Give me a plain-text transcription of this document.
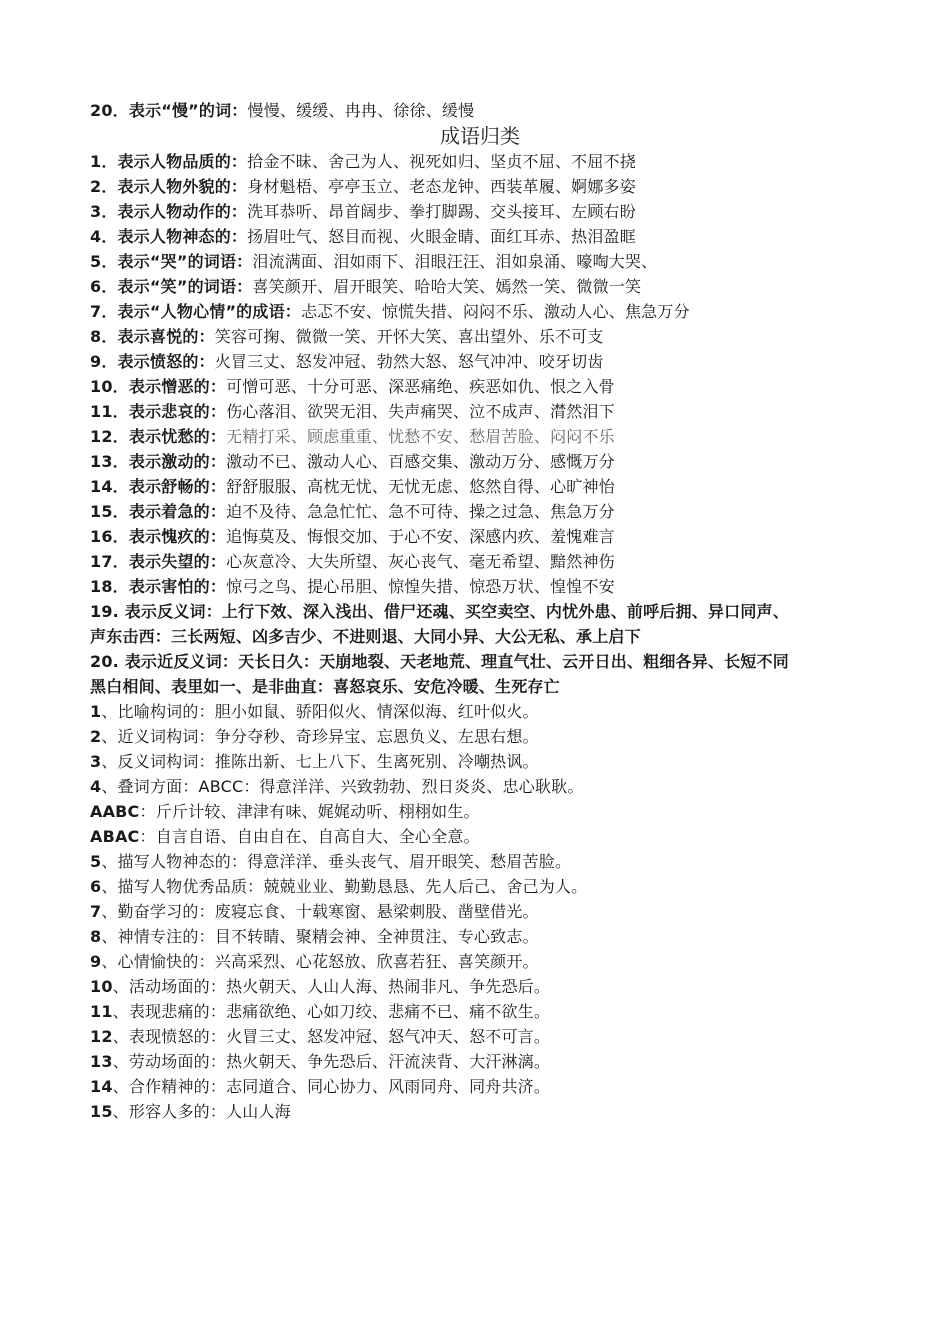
20．表示“慢”的词：慢慢、缓缓、冉冉、徐徐、缓慢
成语归类
1．表示人物品质的：拾金不昧、舍己为人、视死如归、坚贞不屈、不屈不挠
2．表示人物外貌的：身材魁梧、亭亭玉立、老态龙钟、西装革履、婀娜多姿
3．表示人物动作的：洗耳恭听、昂首阔步、拳打脚踢、交头接耳、左顾右盼
4．表示人物神态的：扬眉吐气、怒目而视、火眼金睛、面红耳赤、热泪盈眶
5．表示“哭”的词语：泪流满面、泪如雨下、泪眼汪汪、泪如泉涌、嚎啕大哭、
6．表示“笑”的词语：喜笑颜开、眉开眼笑、哈哈大笑、嫣然一笑、微微一笑
7．表示“人物心情”的成语：忐忑不安、惊慌失措、闷闷不乐、激动人心、焦急万分
8．表示喜悦的：笑容可掬、微微一笑、开怀大笑、喜出望外、乐不可支
9．表示愤怒的：火冒三丈、怒发冲冠、勃然大怒、怒气冲冲、咬牙切齿
10．表示憎恶的：可憎可恶、十分可恶、深恶痛绝、疾恶如仇、恨之入骨
11．表示悲哀的：伤心落泪、欲哭无泪、失声痛哭、泣不成声、潸然泪下
12．表示忧愁的：无精打采、顾虑重重、忧愁不安、愁眉苦脸、闷闷不乐
13．表示激动的：激动不已、激动人心、百感交集、激动万分、感慨万分
14．表示舒畅的：舒舒服服、高枕无忧、无忧无虑、悠然自得、心旷神怡
15．表示着急的：迫不及待、急急忙忙、急不可待、操之过急、焦急万分
16．表示愧疚的：追悔莫及、悔恨交加、于心不安、深感内疚、羞愧难言
17．表示失望的：心灰意冷、大失所望、灰心丧气、毫无希望、黯然神伤
18．表示害怕的：惊弓之鸟、提心吊胆、惊惶失措、惊恐万状、惶惶不安
19. 表示反义词：上行下效、深入浅出、借尸还魂、买空卖空、内忧外患、前呼后拥、异口同声、
声东击西：三长两短、凶多吉少、不进则退、大同小异、大公无私、承上启下
20. 表示近反义词：天长日久：天崩地裂、天老地荒、理直气壮、云开日出、粗细各异、长短不同
黑白相间、表里如一、是非曲直：喜怒哀乐、安危冷暖、生死存亡
1、比喻构词的：胆小如鼠、骄阳似火、情深似海、红叶似火。
2、近义词构词：争分夺秒、奇珍异宝、忘恩负义、左思右想。
3、反义词构词：推陈出新、七上八下、生离死别、冷嘲热讽。
4、叠词方面：ABCC：得意洋洋、兴致勃勃、烈日炎炎、忠心耿耿。
AABC：斤斤计较、津津有味、娓娓动听、栩栩如生。
ABAC：自言自语、自由自在、自高自大、全心全意。
5、描写人物神态的：得意洋洋、垂头丧气、眉开眼笑、愁眉苦脸。
6、描写人物优秀品质：兢兢业业、勤勤恳恳、先人后己、舍己为人。
7、勤奋学习的：废寝忘食、十载寒窗、悬梁刺股、凿壁借光。
8、神情专注的：目不转睛、聚精会神、全神贯注、专心致志。
9、心情愉快的：兴高采烈、心花怒放、欣喜若狂、喜笑颜开。
10、活动场面的：热火朝天、人山人海、热闹非凡、争先恐后。
11、表现悲痛的：悲痛欲绝、心如刀绞、悲痛不已、痛不欲生。
12、表现愤怒的：火冒三丈、怒发冲冠、怒气冲天、怒不可言。
13、劳动场面的：热火朝天、争先恐后、汗流浃背、大汗淋漓。
14、合作精神的：志同道合、同心协力、风雨同舟、同舟共济。
15、形容人多的：人山人海
